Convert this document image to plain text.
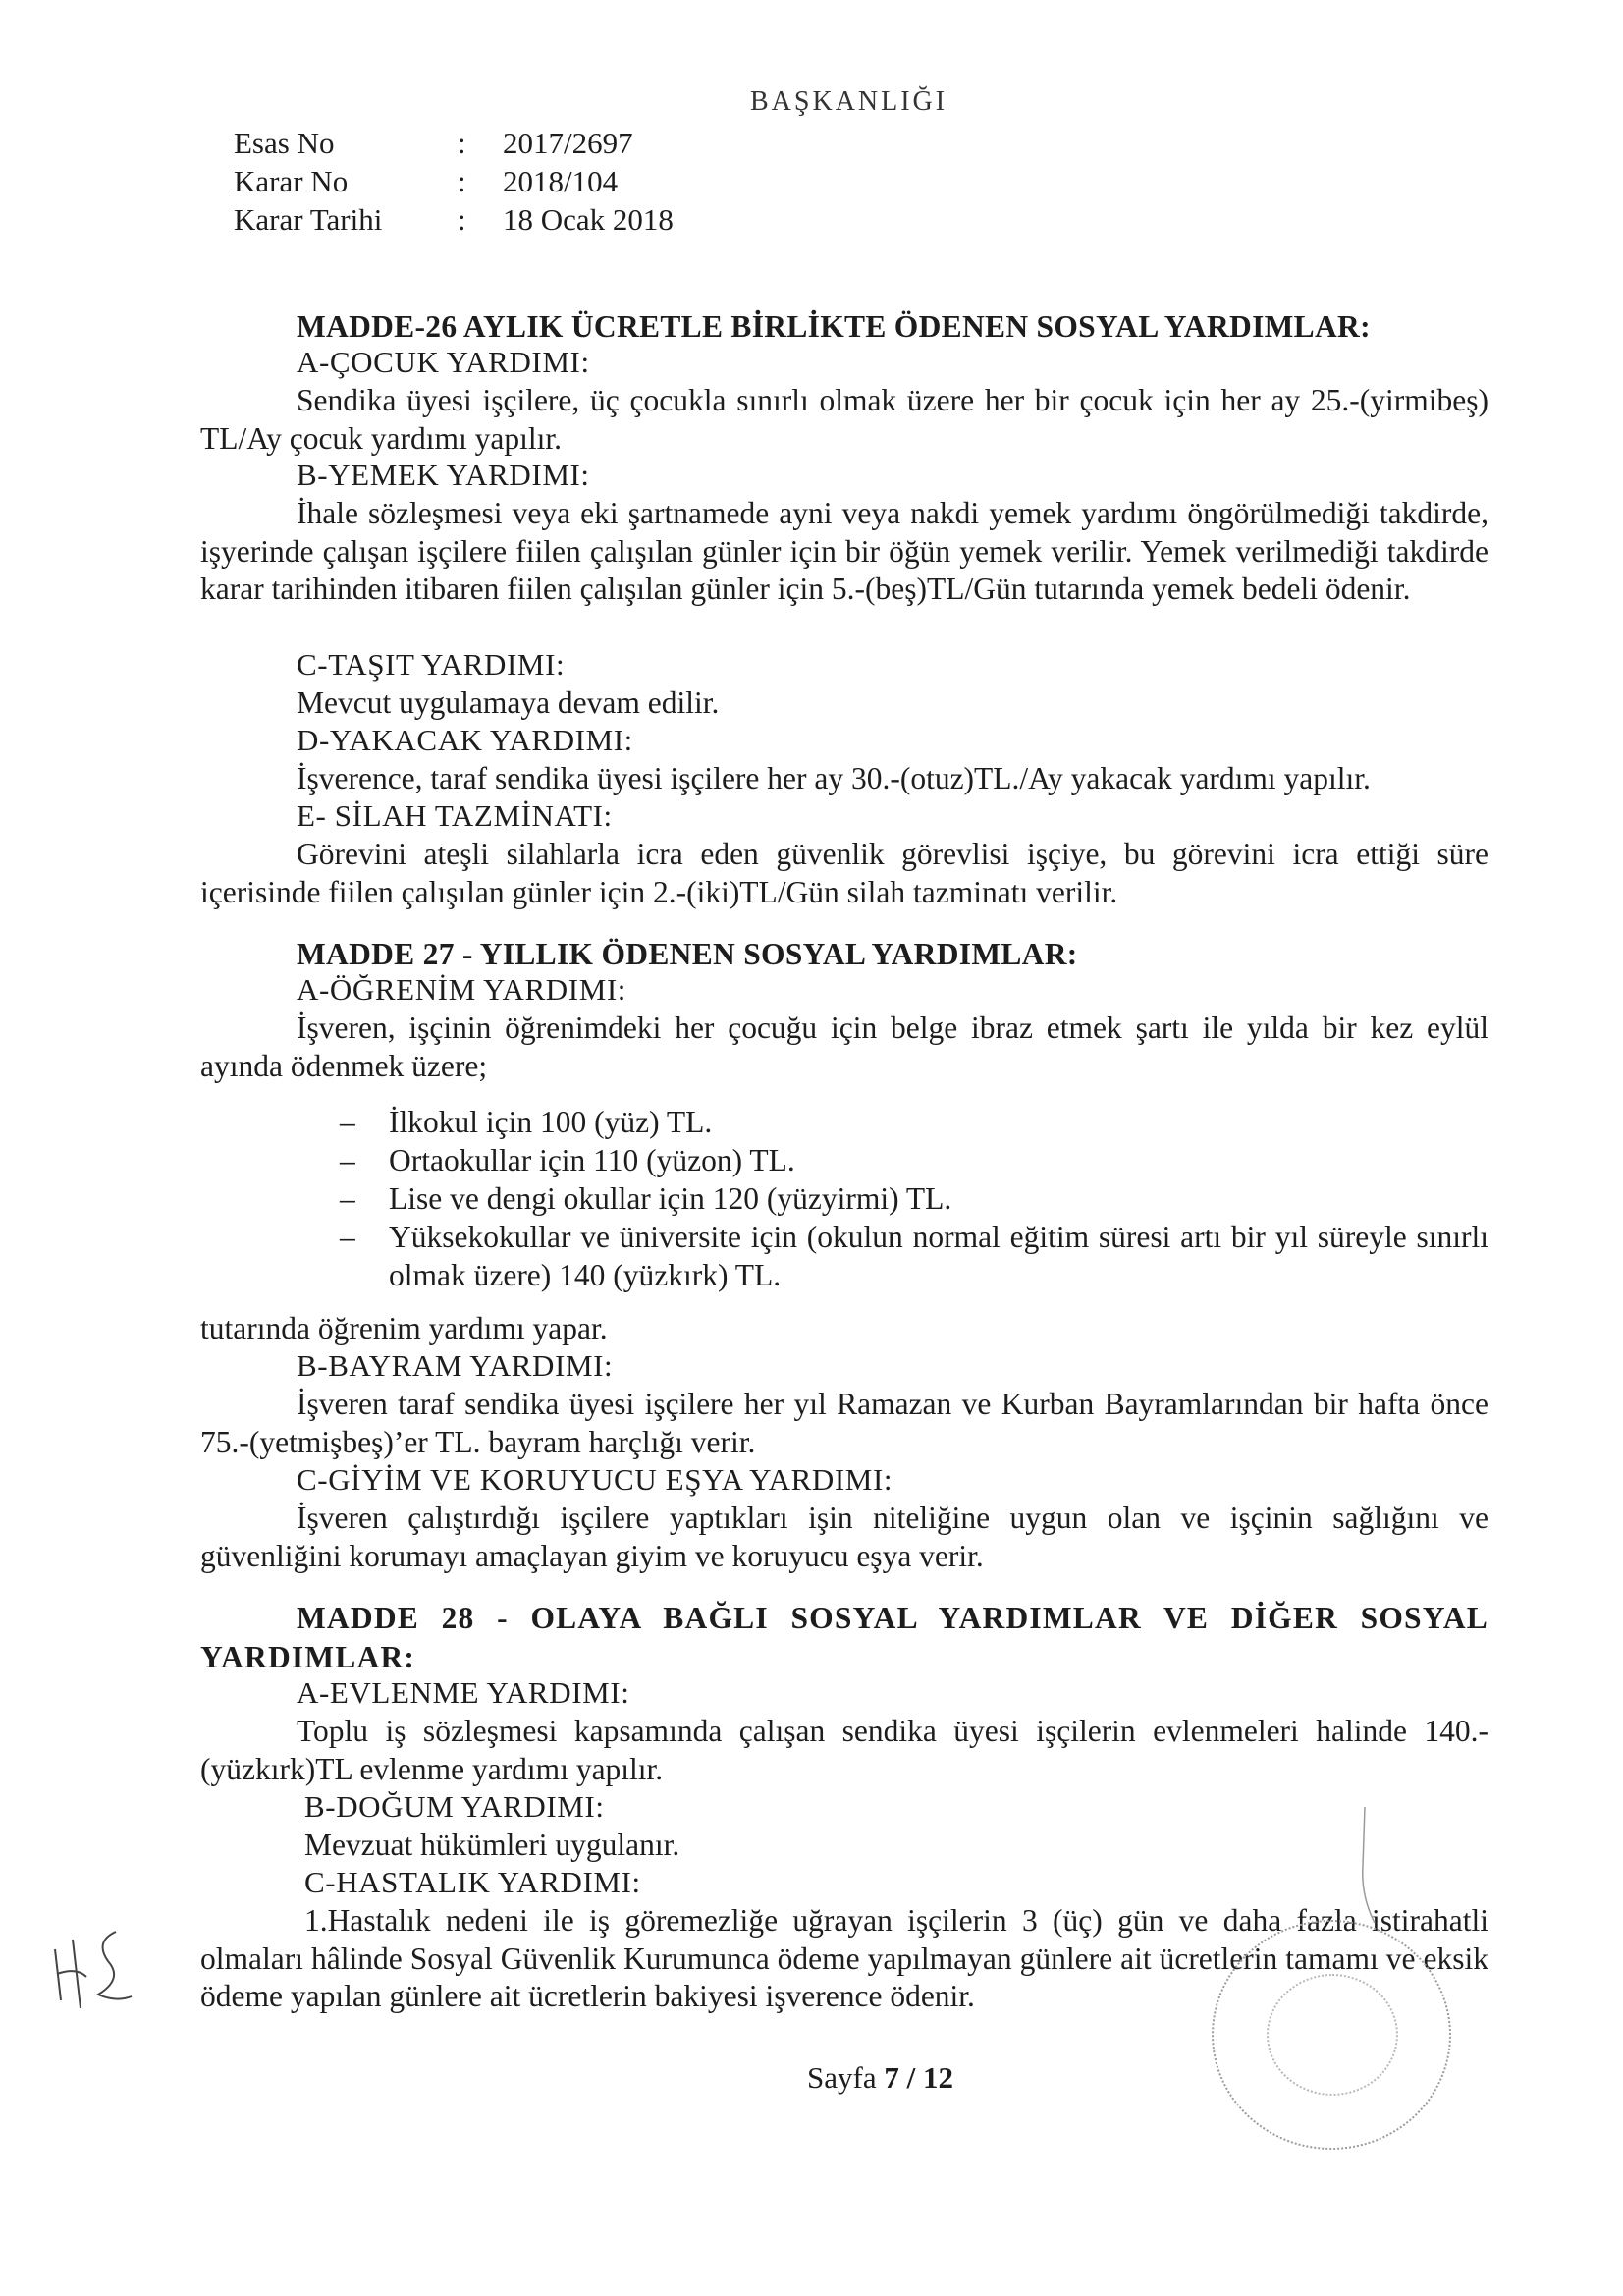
BAŞKANLIĞI
Esas No	: 2017/2697
Karar No	: 2018/104
Karar Tarihi	: 18 Ocak 2018
MADDE-26 AYLIK ÜCRETLE BİRLİKTE ÖDENEN SOSYAL YARDIMLAR:
A-ÇOCUK YARDIMI:
Sendika üyesi işçilere, üç çocukla sınırlı olmak üzere her bir çocuk için her ay 25.-(yirmibeş) TL/Ay çocuk yardımı yapılır.
B-YEMEK YARDIMI:
İhale sözleşmesi veya eki şartnamede ayni veya nakdi yemek yardımı öngörülmediği takdirde, işyerinde çalışan işçilere fiilen çalışılan günler için bir öğün yemek verilir. Yemek verilmediği takdirde karar tarihinden itibaren fiilen çalışılan günler için 5.-(beş)TL/Gün tutarında yemek bedeli ödenir.
C-TAŞIT YARDIMI:
Mevcut uygulamaya devam edilir.
D-YAKACAK YARDIMI:
İşverence, taraf sendika üyesi işçilere her ay 30.-(otuz)TL./Ay yakacak yardımı yapılır.
E- SİLAH TAZMİNATI:
Görevini ateşli silahlarla icra eden güvenlik görevlisi işçiye, bu görevini icra ettiği süre içerisinde fiilen çalışılan günler için 2.-(iki)TL/Gün silah tazminatı verilir.
MADDE 27 - YILLIK ÖDENEN SOSYAL YARDIMLAR:
A-ÖĞRENİM YARDIMI:
İşveren, işçinin öğrenimdeki her çocuğu için belge ibraz etmek şartı ile yılda bir kez eylül ayında ödenmek üzere;
– İlkokul için 100 (yüz) TL.
– Ortaokullar için 110 (yüzon) TL.
– Lise ve dengi okullar için 120 (yüzyirmi) TL.
– Yüksekokullar ve üniversite için (okulun normal eğitim süresi artı bir yıl süreyle sınırlı olmak üzere) 140 (yüzkırk) TL.
tutarında öğrenim yardımı yapar.
B-BAYRAM YARDIMI:
İşveren taraf sendika üyesi işçilere her yıl Ramazan ve Kurban Bayramlarından bir hafta önce 75.-(yetmişbeş)’er TL. bayram harçlığı verir.
C-GİYİM VE KORUYUCU EŞYA YARDIMI:
İşveren çalıştırdığı işçilere yaptıkları işin niteliğine uygun olan ve işçinin sağlığını ve güvenliğini korumayı amaçlayan giyim ve koruyucu eşya verir.
MADDE 28 - OLAYA BAĞLI SOSYAL YARDIMLAR VE DİĞER SOSYAL YARDIMLAR:
A-EVLENME YARDIMI:
Toplu iş sözleşmesi kapsamında çalışan sendika üyesi işçilerin evlenmeleri halinde 140.-(yüzkırk)TL evlenme yardımı yapılır.
B-DOĞUM YARDIMI:
Mevzuat hükümleri uygulanır.
C-HASTALIK YARDIMI:
1.Hastalık nedeni ile iş göremezliğe uğrayan işçilerin 3 (üç) gün ve daha fazla istirahatli olmaları hâlinde Sosyal Güvenlik Kurumunca ödeme yapılmayan günlere ait ücretlerin tamamı ve eksik ödeme yapılan günlere ait ücretlerin bakiyesi işverence ödenir.
Sayfa 7 / 12
